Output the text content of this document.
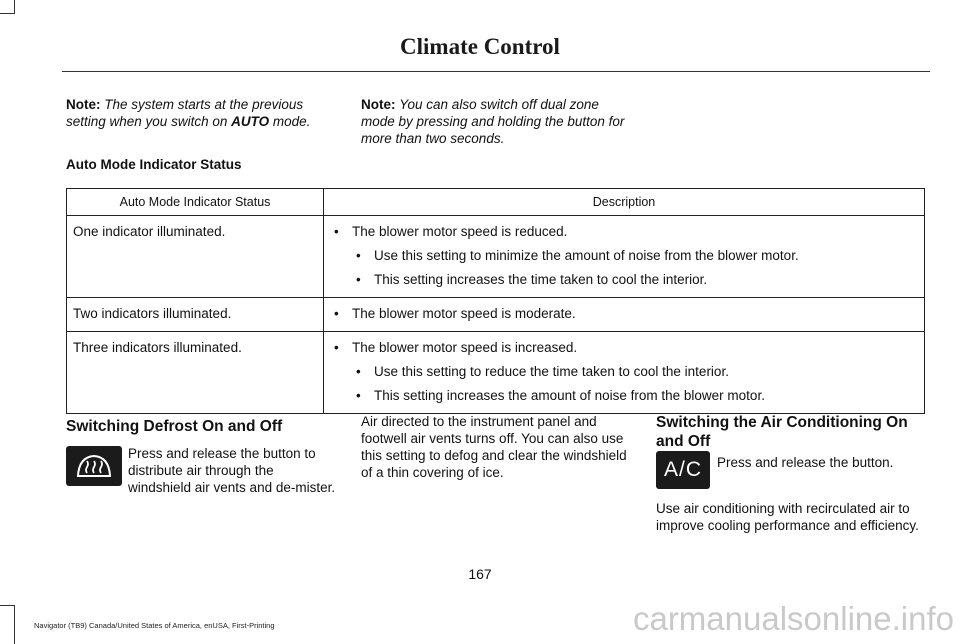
Climate Control
Note: The system starts at the previous setting when you switch on AUTO mode.
Note: You can also switch off dual zone mode by pressing and holding the button for more than two seconds.
Auto Mode Indicator Status
Auto Mode Indicator Status	Description
One indicator illuminated.	• The blower motor speed is reduced.
• Use this setting to minimize the amount of noise from the blower motor.
• This setting increases the time taken to cool the interior.

Two indicators illuminated.	• The blower motor speed is moderate.

Three indicators illuminated.	• The blower motor speed is increased.
• Use this setting to reduce the time taken to cool the interior.
• This setting increases the amount of noise from the blower motor.
Switching Defrost On and Off
Press and release the button to distribute air through the windshield air vents and de-mister.
Air directed to the instrument panel and footwell air vents turns off. You can also use this setting to defog and clear the windshield of a thin covering of ice.
Switching the Air Conditioning On and Off
A/C Press and release the button.
Use air conditioning with recirculated air to improve cooling performance and efficiency.
167
Navigator (TB9) Canada/United States of America, enUSA, First-Printing	carmanualsonline.info
